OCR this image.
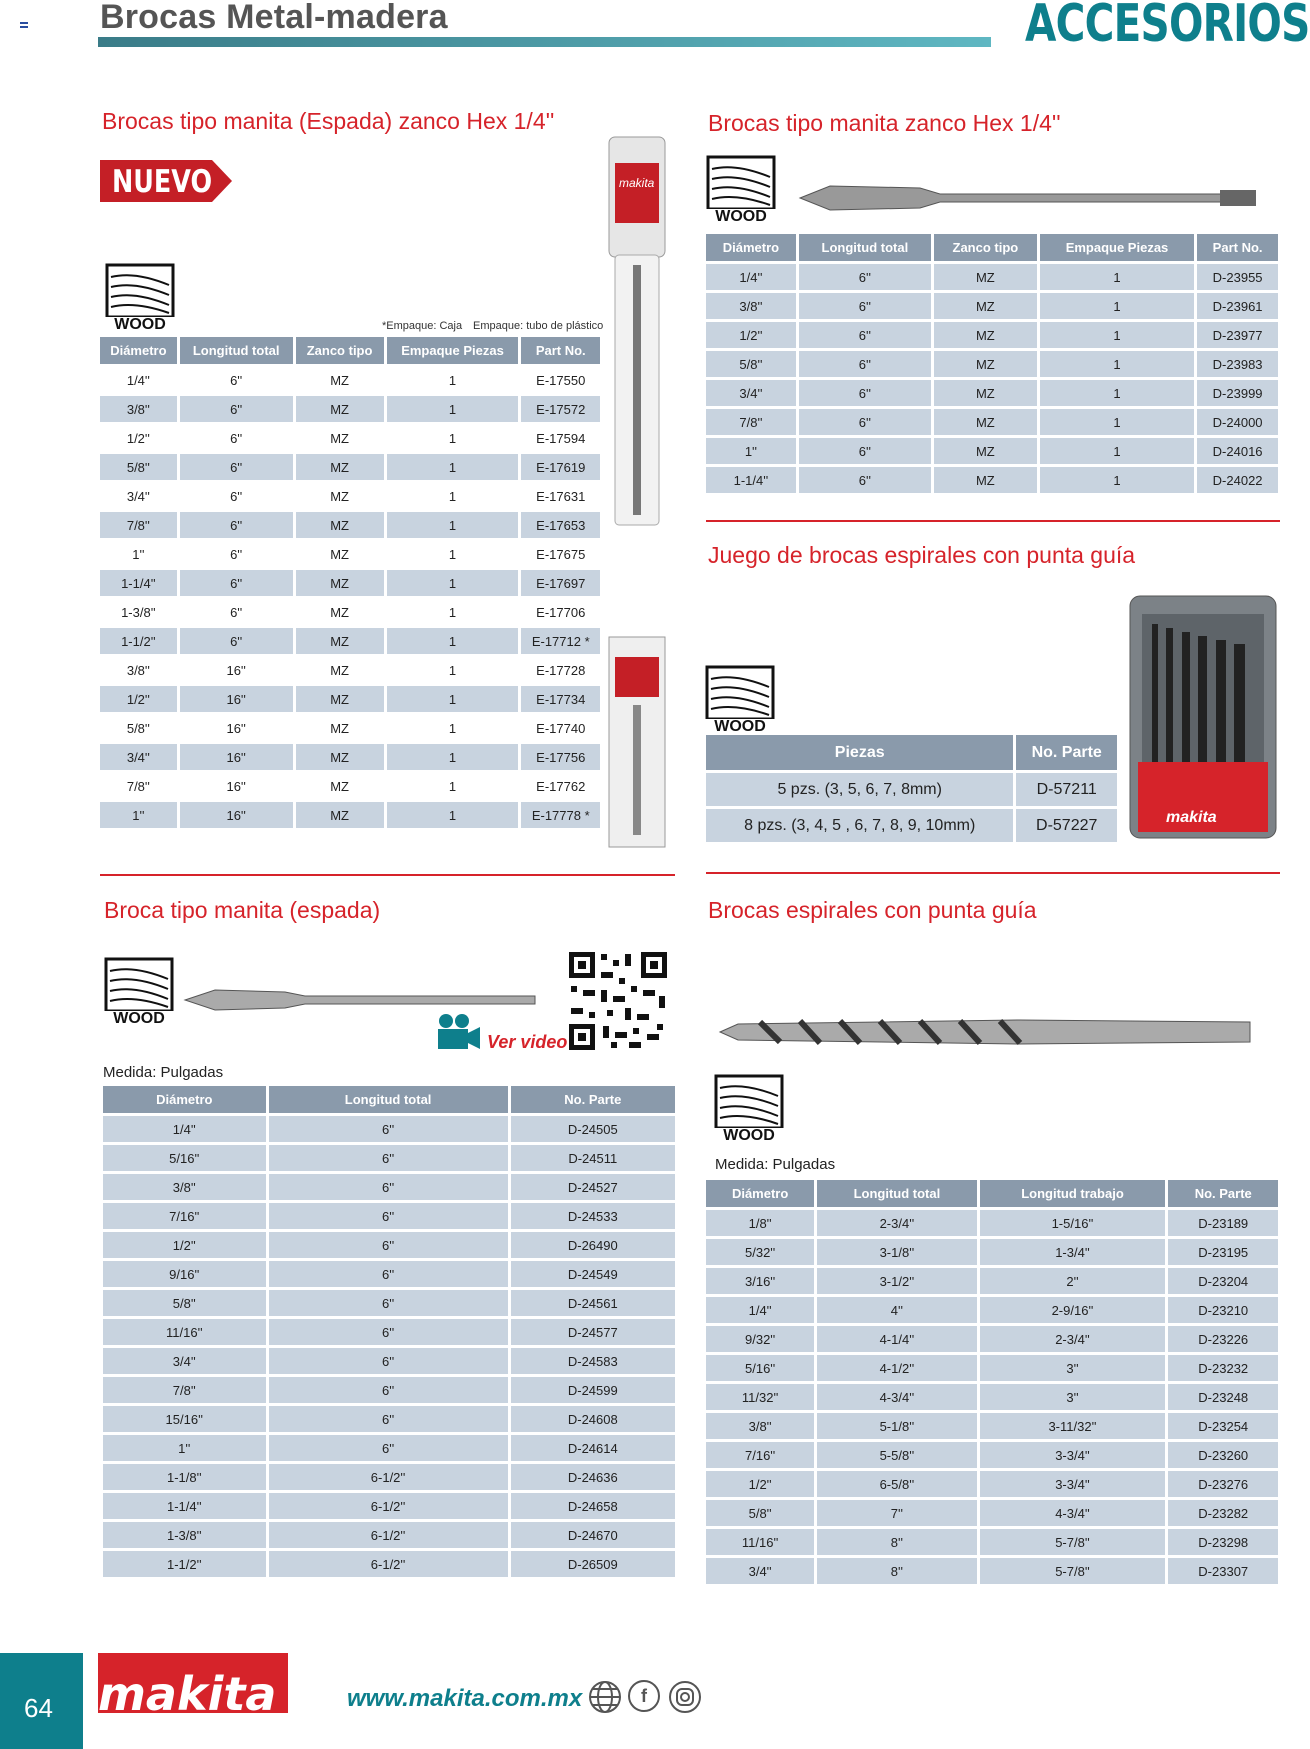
Brocas Metal-madera	ACCESORIOS
Brocas tipo manita (Espada) zanco Hex 1/4''
NUEVO
WOOD	*Empaque: Caja Empaque: tubo de plástico
Diámetro	Longitud total	Zanco tipo	Empaque Piezas	Part No.
1/4''	6''	MZ	1	E-17550
3/8''	6''	MZ	1	E-17572
1/2''	6''	MZ	1	E-17594
5/8''	6''	MZ	1	E-17619
3/4''	6''	MZ	1	E-17631
7/8''	6''	MZ	1	E-17653
1''	6''	MZ	1	E-17675
1-1/4''	6''	MZ	1	E-17697
1-3/8''	6''	MZ	1	E-17706
1-1/2''	6''	MZ	1	E-17712 *
3/8''	16''	MZ	1	E-17728
1/2''	16''	MZ	1	E-17734
5/8''	16''	MZ	1	E-17740
3/4''	16''	MZ	1	E-17756
7/8''	16''	MZ	1	E-17762
1''	16''	MZ	1	E-17778 *
makita
Brocas tipo manita zanco Hex 1/4''
WOOD
Diámetro	Longitud total	Zanco tipo	Empaque Piezas	Part No.
1/4''	6''	MZ	1	D-23955
3/8''	6''	MZ	1	D-23961
1/2''	6''	MZ	1	D-23977
5/8''	6''	MZ	1	D-23983
3/4''	6''	MZ	1	D-23999
7/8''	6''	MZ	1	D-24000
1''	6''	MZ	1	D-24016
1-1/4''	6''	MZ	1	D-24022
Juego de brocas espirales con punta guía
WOOD
Piezas	No. Parte
5 pzs. (3, 5, 6, 7, 8mm)	D-57211
8 pzs. (3, 4, 5 , 6, 7, 8, 9, 10mm)	D-57227	makita
Broca tipo manita (espada)
WOOD
Ver video
Medida: Pulgadas
Diámetro	Longitud total	No. Parte
1/4''	6''	D-24505
5/16''	6''	D-24511
3/8''	6''	D-24527
7/16''	6''	D-24533
1/2''	6''	D-26490
9/16''	6''	D-24549
5/8''	6''	D-24561
11/16''	6''	D-24577
3/4''	6''	D-24583
7/8''	6''	D-24599
15/16''	6''	D-24608
1''	6''	D-24614
1-1/8''	6-1/2''	D-24636
1-1/4''	6-1/2''	D-24658
1-3/8''	6-1/2''	D-24670
1-1/2''	6-1/2''	D-26509
Brocas espirales con punta guía
WOOD
Medida: Pulgadas
Diámetro	Longitud total	Longitud trabajo	No. Parte
1/8''	2-3/4''	1-5/16''	D-23189
5/32''	3-1/8''	1-3/4''	D-23195
3/16''	3-1/2''	2''	D-23204
1/4''	4''	2-9/16''	D-23210
9/32''	4-1/4''	2-3/4''	D-23226
5/16''	4-1/2''	3''	D-23232
11/32''	4-3/4''	3''	D-23248
3/8''	5-1/8''	3-11/32''	D-23254
7/16''	5-5/8''	3-3/4''	D-23260
1/2''	6-5/8''	3-3/4''	D-23276
5/8''	7''	4-3/4''	D-23282
11/16''	8''	5-7/8''	D-23298
3/4''	8''	5-7/8''	D-23307
64 makita	www.makita.com.mx	f
